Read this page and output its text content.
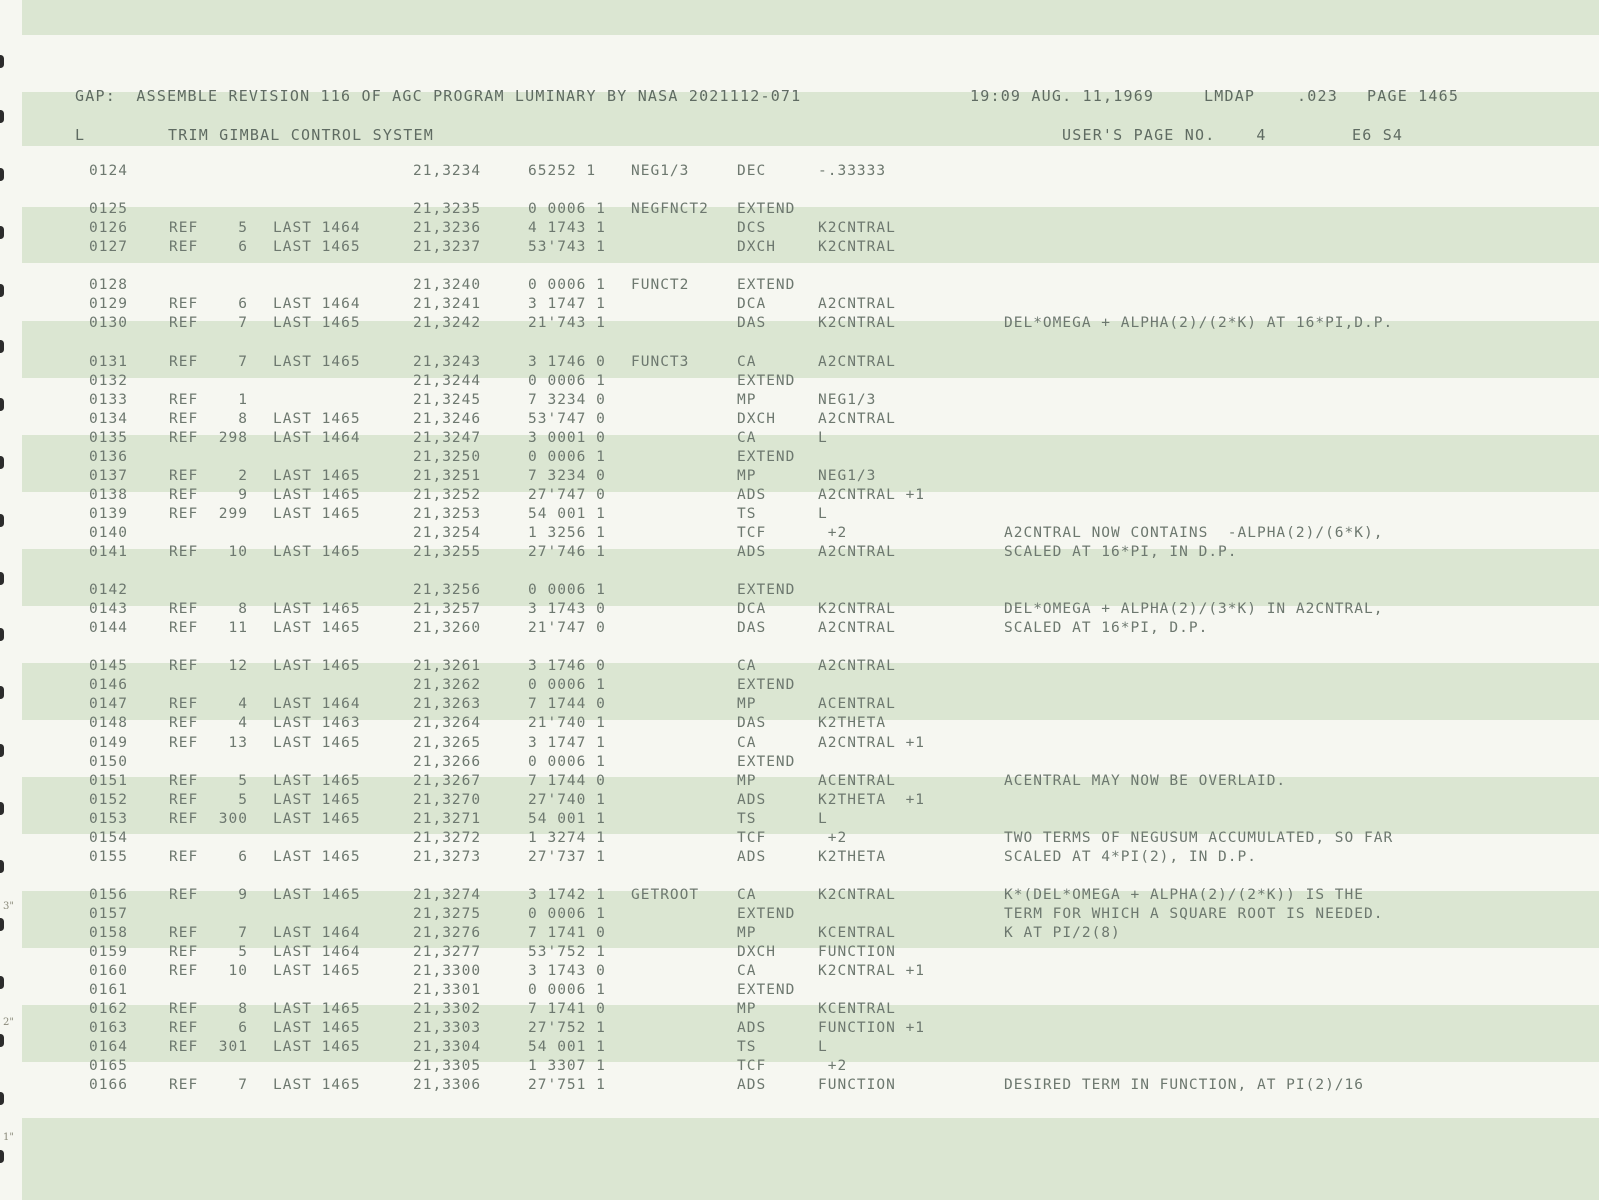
3"
2"
1"
GAP:  ASSEMBLE REVISION 116 OF AGC PROGRAM LUMINARY BY NASA 2021112-071	19:09 AUG. 11,1969	LMDAP	.023 PAGE 1465
L	TRIM GIMBAL CONTROL SYSTEM	USER'S PAGE NO.    4	E6 S4
0124	21,3234	65252 1 NEG1/3	DEC	-.33333
0125	21,3235	0 0006 1 NEGFNCT2 EXTEND
0126	REF	5 LAST 1464	21,3236	4 1743 1	DCS	K2CNTRAL
0127	REF	6 LAST 1465	21,3237	53'743 1	DXCH	K2CNTRAL
0128	21,3240	0 0006 1 FUNCT2	EXTEND
0129	REF	6 LAST 1464	21,3241	3 1747 1	DCA	A2CNTRAL
0130	REF	7 LAST 1465	21,3242	21'743 1	DAS	K2CNTRAL	DEL*OMEGA + ALPHA(2)/(2*K) AT 16*PI,D.P.
0131	REF	7 LAST 1465	21,3243	3 1746 0 FUNCT3	CA	A2CNTRAL
0132	21,3244	0 0006 1	EXTEND
0133	REF	1	21,3245	7 3234 0	MP	NEG1/3
0134	REF	8 LAST 1465	21,3246	53'747 0	DXCH	A2CNTRAL
0135	REF	298 LAST 1464	21,3247	3 0001 0	CA	L
0136	21,3250	0 0006 1	EXTEND
0137	REF	2 LAST 1465	21,3251	7 3234 0	MP	NEG1/3
0138	REF	9 LAST 1465	21,3252	27'747 0	ADS	A2CNTRAL +1
0139	REF	299 LAST 1465	21,3253	54 001 1	TS	L
0140	21,3254	1 3256 1	TCF	+2	A2CNTRAL NOW CONTAINS  -ALPHA(2)/(6*K),
0141	REF	10 LAST 1465	21,3255	27'746 1	ADS	A2CNTRAL	SCALED AT 16*PI, IN D.P.
0142	21,3256	0 0006 1	EXTEND
0143	REF	8 LAST 1465	21,3257	3 1743 0	DCA	K2CNTRAL	DEL*OMEGA + ALPHA(2)/(3*K) IN A2CNTRAL,
0144	REF	11 LAST 1465	21,3260	21'747 0	DAS	A2CNTRAL	SCALED AT 16*PI, D.P.
0145	REF	12 LAST 1465	21,3261	3 1746 0	CA	A2CNTRAL
0146	21,3262	0 0006 1	EXTEND
0147	REF	4 LAST 1464	21,3263	7 1744 0	MP	ACENTRAL
0148	REF	4 LAST 1463	21,3264	21'740 1	DAS	K2THETA
0149	REF	13 LAST 1465	21,3265	3 1747 1	CA	A2CNTRAL +1
0150	21,3266	0 0006 1	EXTEND
0151	REF	5 LAST 1465	21,3267	7 1744 0	MP	ACENTRAL	ACENTRAL MAY NOW BE OVERLAID.
0152	REF	5 LAST 1465	21,3270	27'740 1	ADS	K2THETA  +1
0153	REF	300 LAST 1465	21,3271	54 001 1	TS	L
0154	21,3272	1 3274 1	TCF	+2	TWO TERMS OF NEGUSUM ACCUMULATED, SO FAR
0155	REF	6 LAST 1465	21,3273	27'737 1	ADS	K2THETA	SCALED AT 4*PI(2), IN D.P.
0156	REF	9 LAST 1465	21,3274	3 1742 1 GETROOT	CA	K2CNTRAL	K*(DEL*OMEGA + ALPHA(2)/(2*K)) IS THE
0157	21,3275	0 0006 1	EXTEND	TERM FOR WHICH A SQUARE ROOT IS NEEDED.
0158	REF	7 LAST 1464	21,3276	7 1741 0	MP	KCENTRAL	K AT PI/2(8)
0159	REF	5 LAST 1464	21,3277	53'752 1	DXCH	FUNCTION
0160	REF	10 LAST 1465	21,3300	3 1743 0	CA	K2CNTRAL +1
0161	21,3301	0 0006 1	EXTEND
0162	REF	8 LAST 1465	21,3302	7 1741 0	MP	KCENTRAL
0163	REF	6 LAST 1465	21,3303	27'752 1	ADS	FUNCTION +1
0164	REF	301 LAST 1465	21,3304	54 001 1	TS	L
0165	21,3305	1 3307 1	TCF	+2
0166	REF	7 LAST 1465	21,3306	27'751 1	ADS	FUNCTION	DESIRED TERM IN FUNCTION, AT PI(2)/16
